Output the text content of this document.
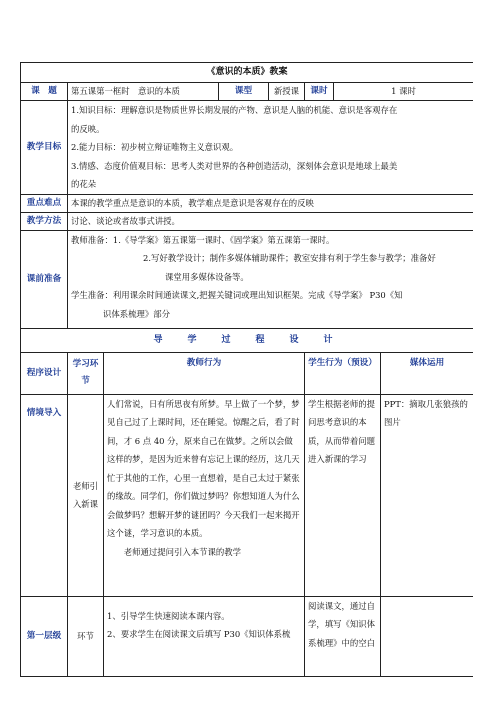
《意识的本质》教案							
课　题	第五课第一框时　意识的本质		课型	新授课	课时	1 课时	
教学目标	1.知识目标：理解意识是物质世界长期发展的产物、意识是人脑的机能、意识是客观存在
的反映。
2.能力目标：初步树立辩证唯物主义意识观。
3.情感、态度价值观目标：思考人类对世界的各种创造活动，深刻体会意识是地球上最美
的花朵						

重点难点	本课的教学重点是意识的本质，教学难点是意识是客观存在的反映						
教学方法	讨论、谈论或者故事式讲授。						
课前准备	教师准备：1.《导学案》第五课第一课时、《固学案》第五课第一课时。
2.写好教学设计；制作多媒体辅助课件；教室安排有利于学生参与教学；准备好
课堂用多媒体设备等。
学生准备：利用课余时间通读课文,把握关键词或理出知识框架。完成《导学案》 P30《知
识体系梳理》部分						

导　学　过　程　设　计							
程序设计	学习环节	教师行为			学生行为（预设）		媒体运用
情境导入	老师引入新课	人们常说，日有所思夜有所梦。早上做了一个梦，梦见自己过了上课时间，还在睡觉。惊醒之后，看了时间，才 6 点 40 分，原来自己在做梦。之所以会做这样的梦，是因为近来曾有忘记上课的经历，这几天忙于其他的工作，心里一直想着，是自己太过于紧张的缘故。同学们，你们做过梦吗？你想知道人为什么会做梦吗？想解开梦的谜团吗？今天我们一起来揭开这个谜，学习意识的本质。
老师通过提问引入本节课的教学			学生根据老师的提问思考意识的本质，从而带着问题进入新课的学习		PPT：摘取几张狼孩的图片
第一层级	环节	1、引导学生快速阅读本课内容。
2、要求学生在阅读课文后填写 P30《知识体系梳			阅读课文，通过自学，填写《知识体系梳理》中的空白		
